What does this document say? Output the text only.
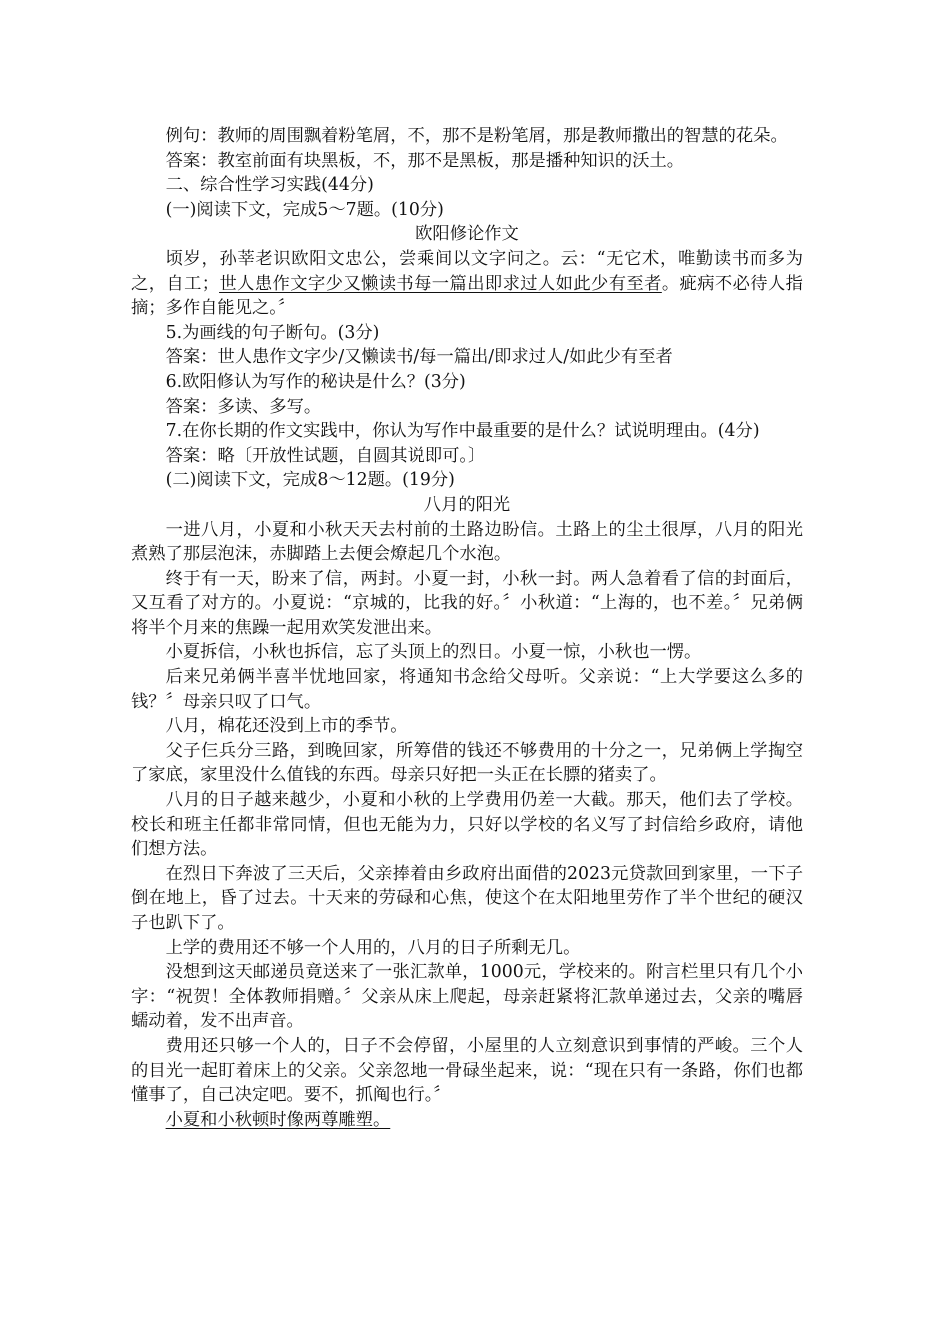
例句：教师的周围飘着粉笔屑，不，那不是粉笔屑，那是教师撒出的智慧的花朵。

答案：教室前面有块黑板，不，那不是黑板，那是播种知识的沃土。

二、综合性学习实践(44分)

(一)阅读下文，完成5～7题。(10分)

欧阳修论作文

顷岁，孙莘老识欧阳文忠公，尝乘间以文字问之。云：“无它术，唯勤读书而多为之，自工；世人患作文字少又懒读书每一篇出即求过人如此少有至者。疵病不必待人指摘；多作自能见之。〞

5.为画线的句子断句。(3分)

答案：世人患作文字少/又懒读书/每一篇出/即求过人/如此少有至者

6.欧阳修认为写作的秘诀是什么？(3分)

答案：多读、多写。

7.在你长期的作文实践中，你认为写作中最重要的是什么？试说明理由。(4分)

答案：略〔开放性试题，自圆其说即可。〕

(二)阅读下文，完成8～12题。(19分)

八月的阳光

一进八月，小夏和小秋天天去村前的土路边盼信。土路上的尘土很厚，八月的阳光煮熟了那层泡沫，赤脚踏上去便会燎起几个水泡。

终于有一天，盼来了信，两封。小夏一封，小秋一封。两人急着看了信的封面后，又互看了对方的。小夏说：“京城的，比我的好。〞小秋道：“上海的，也不差。〞兄弟俩将半个月来的焦躁一起用欢笑发泄出来。

小夏拆信，小秋也拆信，忘了头顶上的烈日。小夏一惊，小秋也一愣。

后来兄弟俩半喜半忧地回家，将通知书念给父母听。父亲说：“上大学要这么多的钱？〞母亲只叹了口气。

八月，棉花还没到上市的季节。

父子仨兵分三路，到晚回家，所筹借的钱还不够费用的十分之一，兄弟俩上学掏空了家底，家里没什么值钱的东西。母亲只好把一头正在长膘的猪卖了。

八月的日子越来越少，小夏和小秋的上学费用仍差一大截。那天，他们去了学校。校长和班主任都非常同情，但也无能为力，只好以学校的名义写了封信给乡政府，请他们想方法。

在烈日下奔波了三天后，父亲捧着由乡政府出面借的2023元贷款回到家里，一下子倒在地上，昏了过去。十天来的劳碌和心焦，使这个在太阳地里劳作了半个世纪的硬汉子也趴下了。

上学的费用还不够一个人用的，八月的日子所剩无几。

没想到这天邮递员竟送来了一张汇款单，1000元，学校来的。附言栏里只有几个小字：“祝贺！全体教师捐赠。〞父亲从床上爬起，母亲赶紧将汇款单递过去，父亲的嘴唇蠕动着，发不出声音。

费用还只够一个人的，日子不会停留，小屋里的人立刻意识到事情的严峻。三个人的目光一起盯着床上的父亲。父亲忽地一骨碌坐起来，说：“现在只有一条路，你们也都懂事了，自己决定吧。要不，抓阄也行。〞

小夏和小秋顿时像两尊雕塑。
